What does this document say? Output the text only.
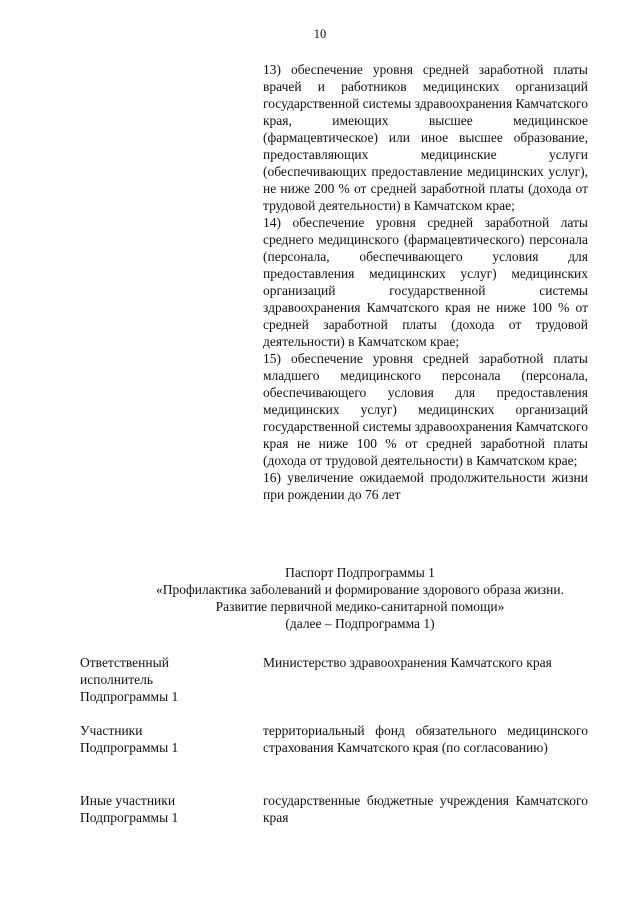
10

13) обеспечение уровня средней заработной платы врачей и работников медицинских организаций государственной системы здравоохранения Камчатского края, имеющих высшее медицинское (фармацевтическое) или иное высшее образование, предоставляющих медицинские услуги (обеспечивающих предоставление медицинских услуг), не ниже 200 % от средней заработной платы (дохода от трудовой деятельности) в Камчатском крае;

14) обеспечение уровня средней заработной латы среднего медицинского (фармацевтического) персонала (персонала, обеспечивающего условия для предоставления медицинских услуг) медицинских организаций государственной системы здравоохранения Камчатского края не ниже 100 % от средней заработной платы (дохода от трудовой деятельности) в Камчатском крае;

15) обеспечение уровня средней заработной платы младшего медицинского персонала (персонала, обеспечивающего условия для предоставления медицинских услуг) медицинских организаций государственной системы здравоохранения Камчатского края не ниже 100 % от средней заработной платы (дохода от трудовой деятельности) в Камчатском крае;

16) увеличение ожидаемой продолжительности жизни при рождении до 76 лет

Паспорт Подпрограммы 1
«Профилактика заболеваний и формирование здорового образа жизни.
Развитие первичной медико-санитарной помощи»
(далее – Подпрограмма 1)
Ответственный исполнитель Подпрограммы 1
Министерство здравоохранения Камчатского края
Участники Подпрограммы 1
территориальный фонд обязательного медицинского страхования Камчатского края (по согласованию)
Иные участники Подпрограммы 1
государственные бюджетные учреждения Камчатского края
